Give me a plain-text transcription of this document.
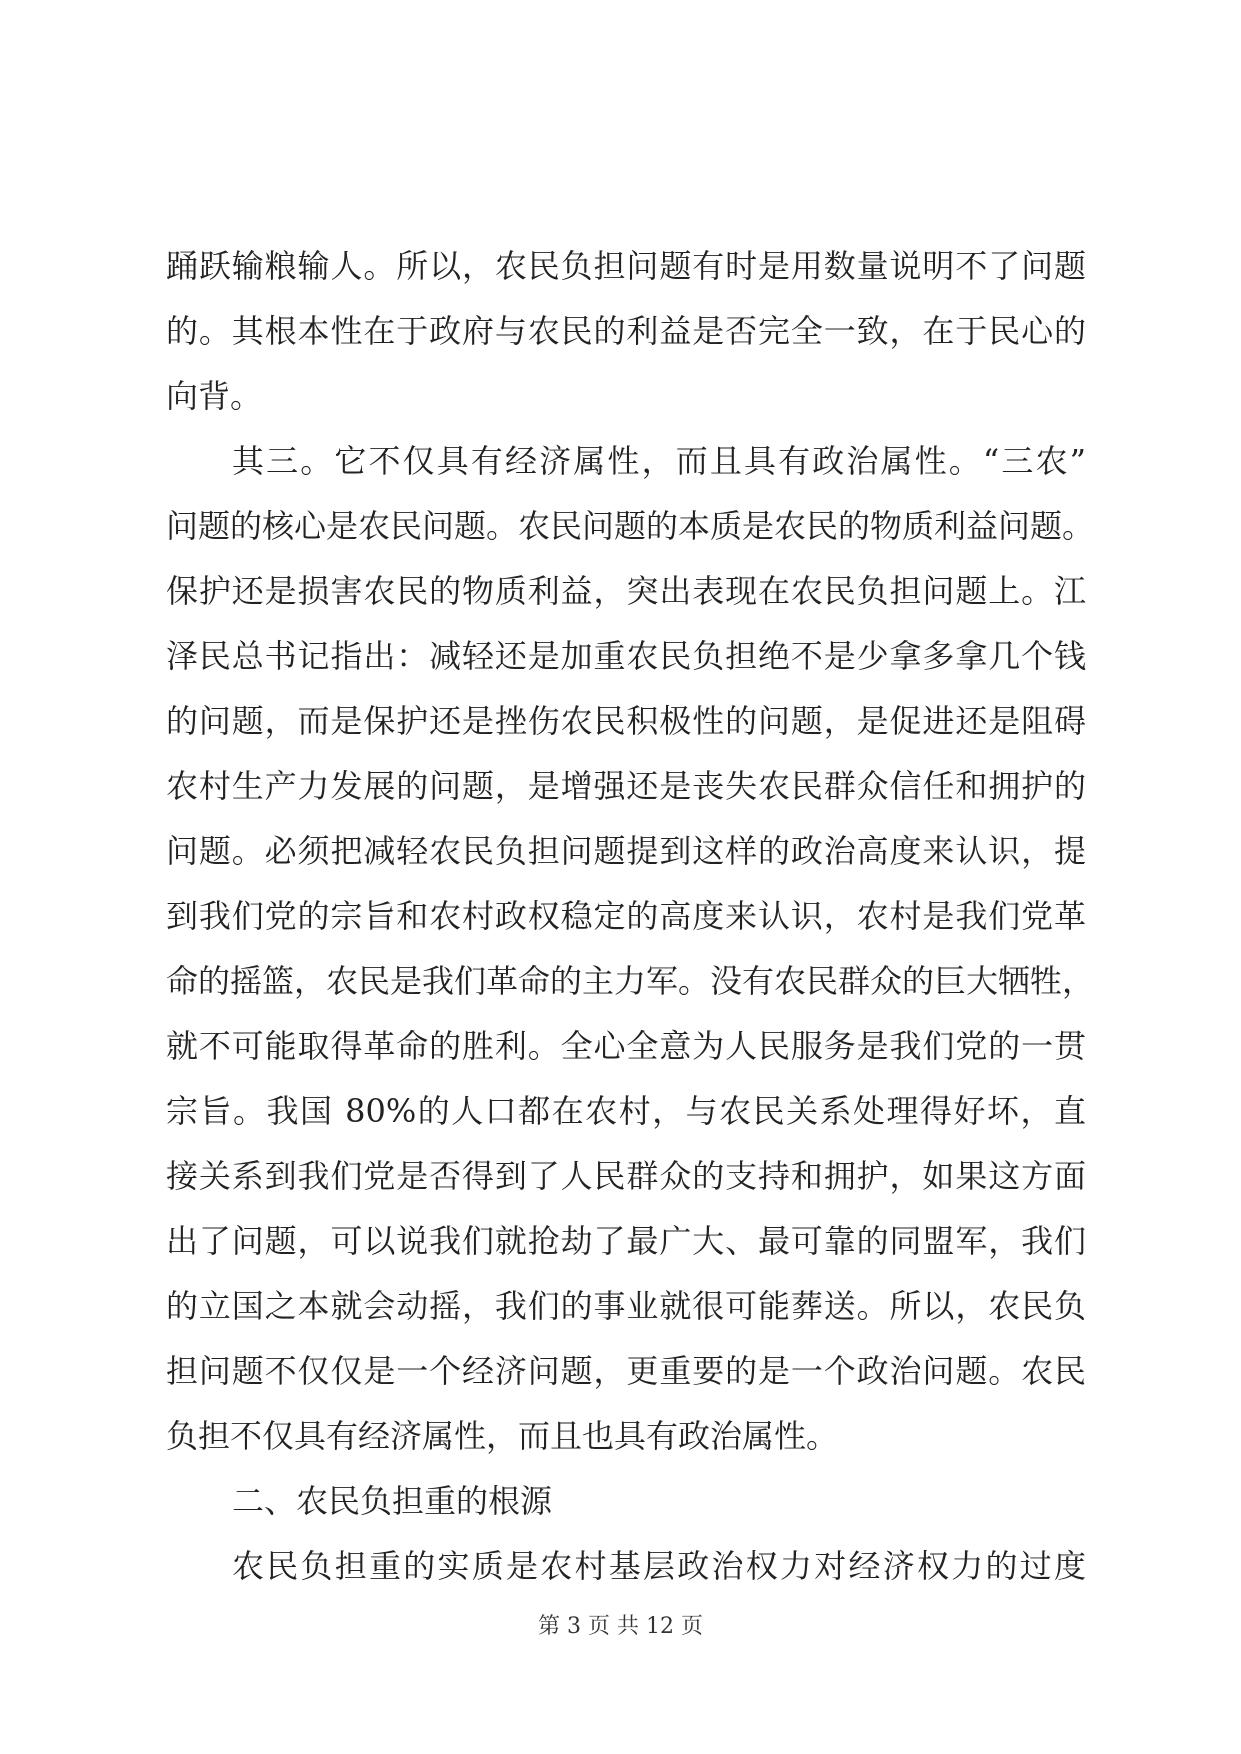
踊跃输粮输人。所以，农民负担问题有时是用数量说明不了问题
的。其根本性在于政府与农民的利益是否完全一致，在于民心的
向背。
其三。它不仅具有经济属性，而且具有政治属性。“三农”
问题的核心是农民问题。农民问题的本质是农民的物质利益问题。
保护还是损害农民的物质利益，突出表现在农民负担问题上。江
泽民总书记指出：减轻还是加重农民负担绝不是少拿多拿几个钱
的问题，而是保护还是挫伤农民积极性的问题，是促进还是阻碍
农村生产力发展的问题，是增强还是丧失农民群众信任和拥护的
问题。必须把减轻农民负担问题提到这样的政治高度来认识，提
到我们党的宗旨和农村政权稳定的高度来认识，农村是我们党革
命的摇篮，农民是我们革命的主力军。没有农民群众的巨大牺牲，
就不可能取得革命的胜利。全心全意为人民服务是我们党的一贯
宗旨。我国 80%的人口都在农村，与农民关系处理得好坏，直
接关系到我们党是否得到了人民群众的支持和拥护，如果这方面
出了问题，可以说我们就抢劫了最广大、最可靠的同盟军，我们
的立国之本就会动摇，我们的事业就很可能葬送。所以，农民负
担问题不仅仅是一个经济问题，更重要的是一个政治问题。农民
负担不仅具有经济属性，而且也具有政治属性。
二、农民负担重的根源
农民负担重的实质是农村基层政治权力对经济权力的过度
第 3 页 共 12 页
